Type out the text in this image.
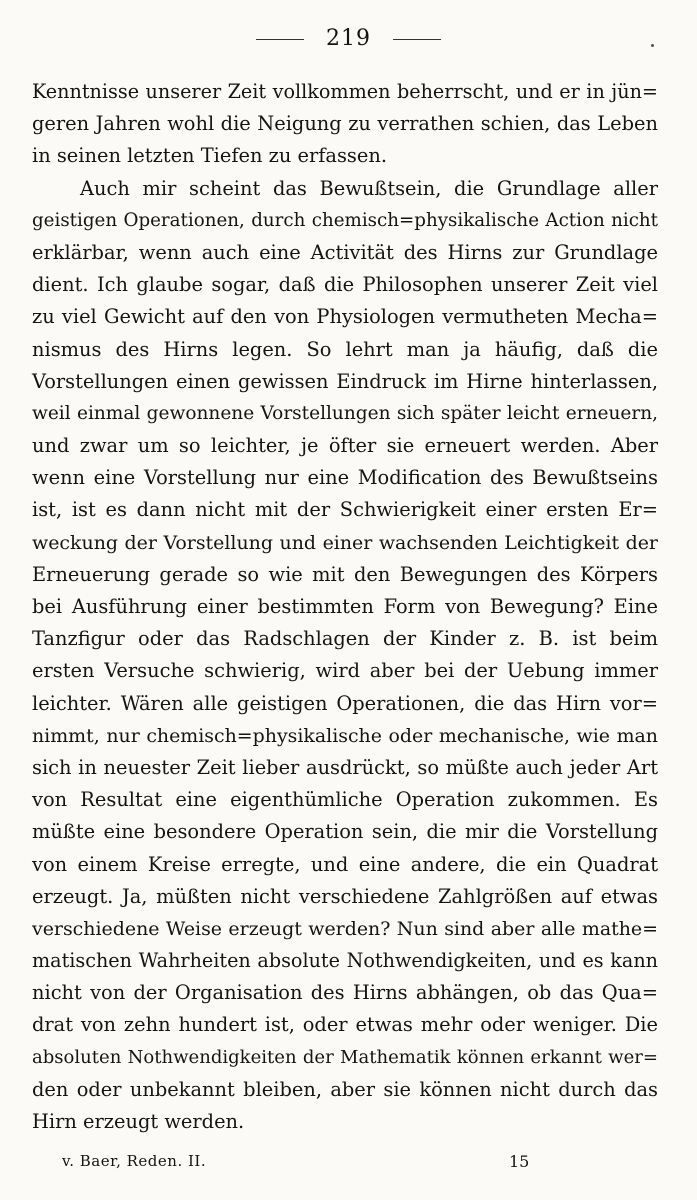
219
Kenntnisse unserer Zeit vollkommen beherrscht, und er in jün=
geren Jahren wohl die Neigung zu verrathen schien, das Leben
in seinen letzten Tiefen zu erfassen.
Auch mir scheint das Bewußtsein, die Grundlage aller
geistigen Operationen, durch chemisch=physikalische Action nicht
erklärbar, wenn auch eine Activität des Hirns zur Grundlage
dient. Ich glaube sogar, daß die Philosophen unserer Zeit viel
zu viel Gewicht auf den von Physiologen vermutheten Mecha=
nismus des Hirns legen. So lehrt man ja häufig, daß die
Vorstellungen einen gewissen Eindruck im Hirne hinterlassen,
weil einmal gewonnene Vorstellungen sich später leicht erneuern,
und zwar um so leichter, je öfter sie erneuert werden. Aber
wenn eine Vorstellung nur eine Modification des Bewußtseins
ist, ist es dann nicht mit der Schwierigkeit einer ersten Er=
weckung der Vorstellung und einer wachsenden Leichtigkeit der
Erneuerung gerade so wie mit den Bewegungen des Körpers
bei Ausführung einer bestimmten Form von Bewegung? Eine
Tanzfigur oder das Radschlagen der Kinder z. B. ist beim
ersten Versuche schwierig, wird aber bei der Uebung immer
leichter. Wären alle geistigen Operationen, die das Hirn vor=
nimmt, nur chemisch=physikalische oder mechanische, wie man
sich in neuester Zeit lieber ausdrückt, so müßte auch jeder Art
von Resultat eine eigenthümliche Operation zukommen. Es
müßte eine besondere Operation sein, die mir die Vorstellung
von einem Kreise erregte, und eine andere, die ein Quadrat
erzeugt. Ja, müßten nicht verschiedene Zahlgrößen auf etwas
verschiedene Weise erzeugt werden? Nun sind aber alle mathe=
matischen Wahrheiten absolute Nothwendigkeiten, und es kann
nicht von der Organisation des Hirns abhängen, ob das Qua=
drat von zehn hundert ist, oder etwas mehr oder weniger. Die
absoluten Nothwendigkeiten der Mathematik können erkannt wer=
den oder unbekannt bleiben, aber sie können nicht durch das
Hirn erzeugt werden.
v. Baer, Reden. II.	15
